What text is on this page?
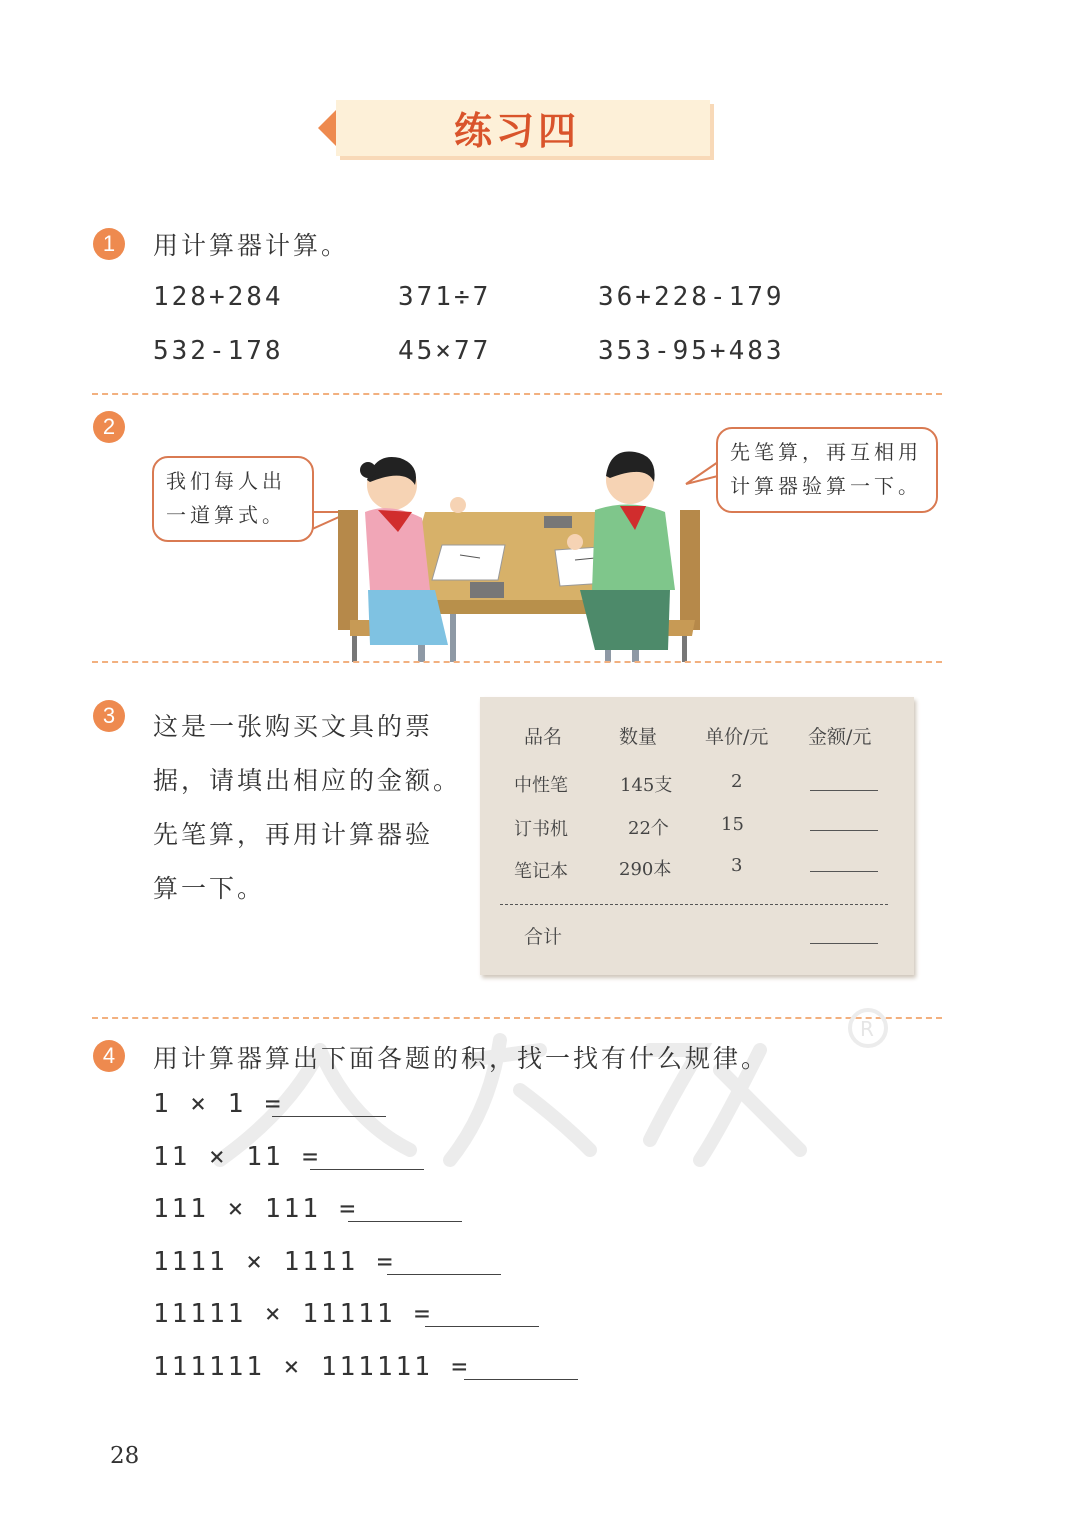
练习四
1	用计算器计算。
128+284	371÷7	36+228-179
532-178	45×77	353-95+483
2
我们每人出
一道算式。
先笔算，再互相用
计算器验算一下。
3	这是一张购买文具的票
据，请填出相应的金额。
先笔算，再用计算器验
算一下。
品名	数量	单价/元 金额/元
中性笔	145支	2
订书机	22个	15
笔记本	290本	3
合计
R
4	用计算器算出下面各题的积，找一找有什么规律。
1 × 1 =
11 × 11 =
111 × 111 =
1111 × 1111 =
11111 × 11111 =
111111 × 111111 =
28
